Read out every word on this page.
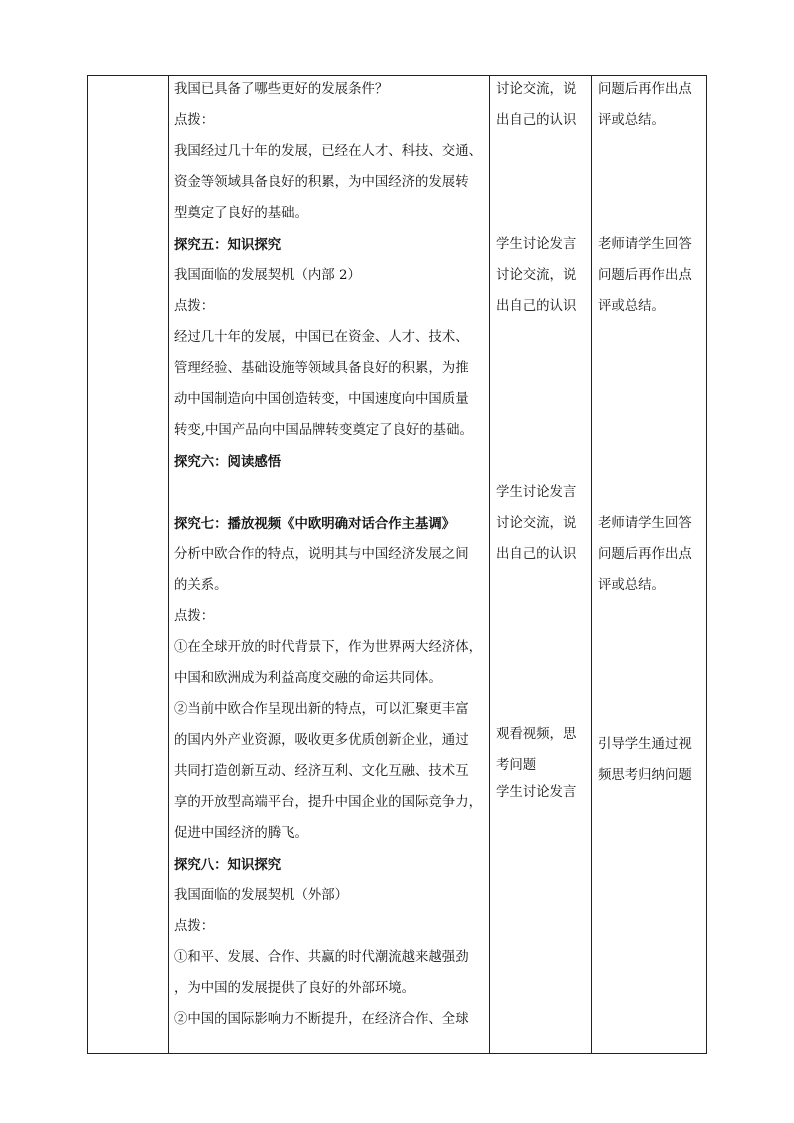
我国已具备了哪些更好的发展条件？
点拨：
我国经过几十年的发展，已经在人才、科技、交通、
资金等领域具备良好的积累，为中国经济的发展转
型奠定了良好的基础。
探究五：知识探究
我国面临的发展契机（内部 2）
点拨：
经过几十年的发展，中国已在资金、人才、技术、
管理经验、基础设施等领域具备良好的积累，为推
动中国制造向中国创造转变，中国速度向中国质量
转变,中国产品向中国品牌转变奠定了良好的基础。
探究六：阅读感悟
探究七：播放视频《中欧明确对话合作主基调》
分析中欧合作的特点，说明其与中国经济发展之间
的关系。
点拨：
①在全球开放的时代背景下，作为世界两大经济体，
中国和欧洲成为利益高度交融的命运共同体。
②当前中欧合作呈现出新的特点，可以汇聚更丰富
的国内外产业资源，吸收更多优质创新企业，通过
共同打造创新互动、经济互利、文化互融、技术互
享的开放型高端平台，提升中国企业的国际竞争力，
促进中国经济的腾飞。
探究八：知识探究
我国面临的发展契机（外部）
点拨：
①和平、发展、合作、共赢的时代潮流越来越强劲
，为中国的发展提供了良好的外部环境。
②中国的国际影响力不断提升，在经济合作、全球
讨论交流，说
出自己的认识
学生讨论发言
讨论交流，说
出自己的认识
学生讨论发言
讨论交流，说
出自己的认识
观看视频，思
考问题
学生讨论发言
问题后再作出点
评或总结。
老师请学生回答
问题后再作出点
评或总结。
老师请学生回答
问题后再作出点
评或总结。
引导学生通过视
频思考归纳问题
